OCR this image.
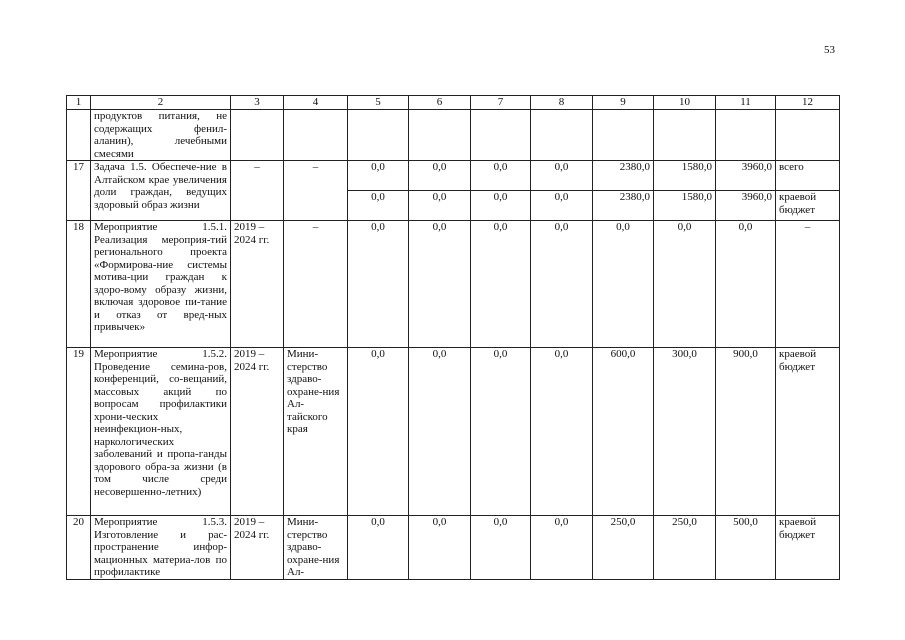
53
1	2	3	4	5	6	7	8	9	10	11	12
	продуктов питания, не содержащих фенил-аланин), лечебными смесями										
17	Задача 1.5. Обеспече-ние в Алтайском крае увеличения доли граждан, ведущих здоровый образ жизни	–	–	0,0	0,0	0,0	0,0	2380,0	1580,0	3960,0	всего
				0,0	0,0	0,0	0,0	2380,0	1580,0	3960,0	краевой бюджет
18	Мероприятие 1.5.1. Реализация мероприя-тий регионального проекта «Формирова-ние системы мотива-ции граждан к здоро-вому образу жизни, включая здоровое пи-тание и отказ от вред-ных привычек»	2019 – 2024 гг.	–	0,0	0,0	0,0	0,0	0,0	0,0	0,0	–
19	Мероприятие 1.5.2. Проведение семина-ров, конференций, со-вещаний, массовых акций по вопросам профилактики хрони-ческих неинфекцион-ных, наркологических заболеваний и пропа-ганды здорового обра-за жизни (в том числе среди несовершенно-летних)	2019 – 2024 гг.	Мини-стерство здраво-охране-ния Ал-тайского края	0,0	0,0	0,0	0,0	600,0	300,0	900,0	краевой бюджет
20	Мероприятие 1.5.3. Изготовление и рас-пространение инфор-мационных материа-лов по профилактике	2019 – 2024 гг.	Мини-стерство здраво-охране-ния Ал-	0,0	0,0	0,0	0,0	250,0	250,0	500,0	краевой бюджет
